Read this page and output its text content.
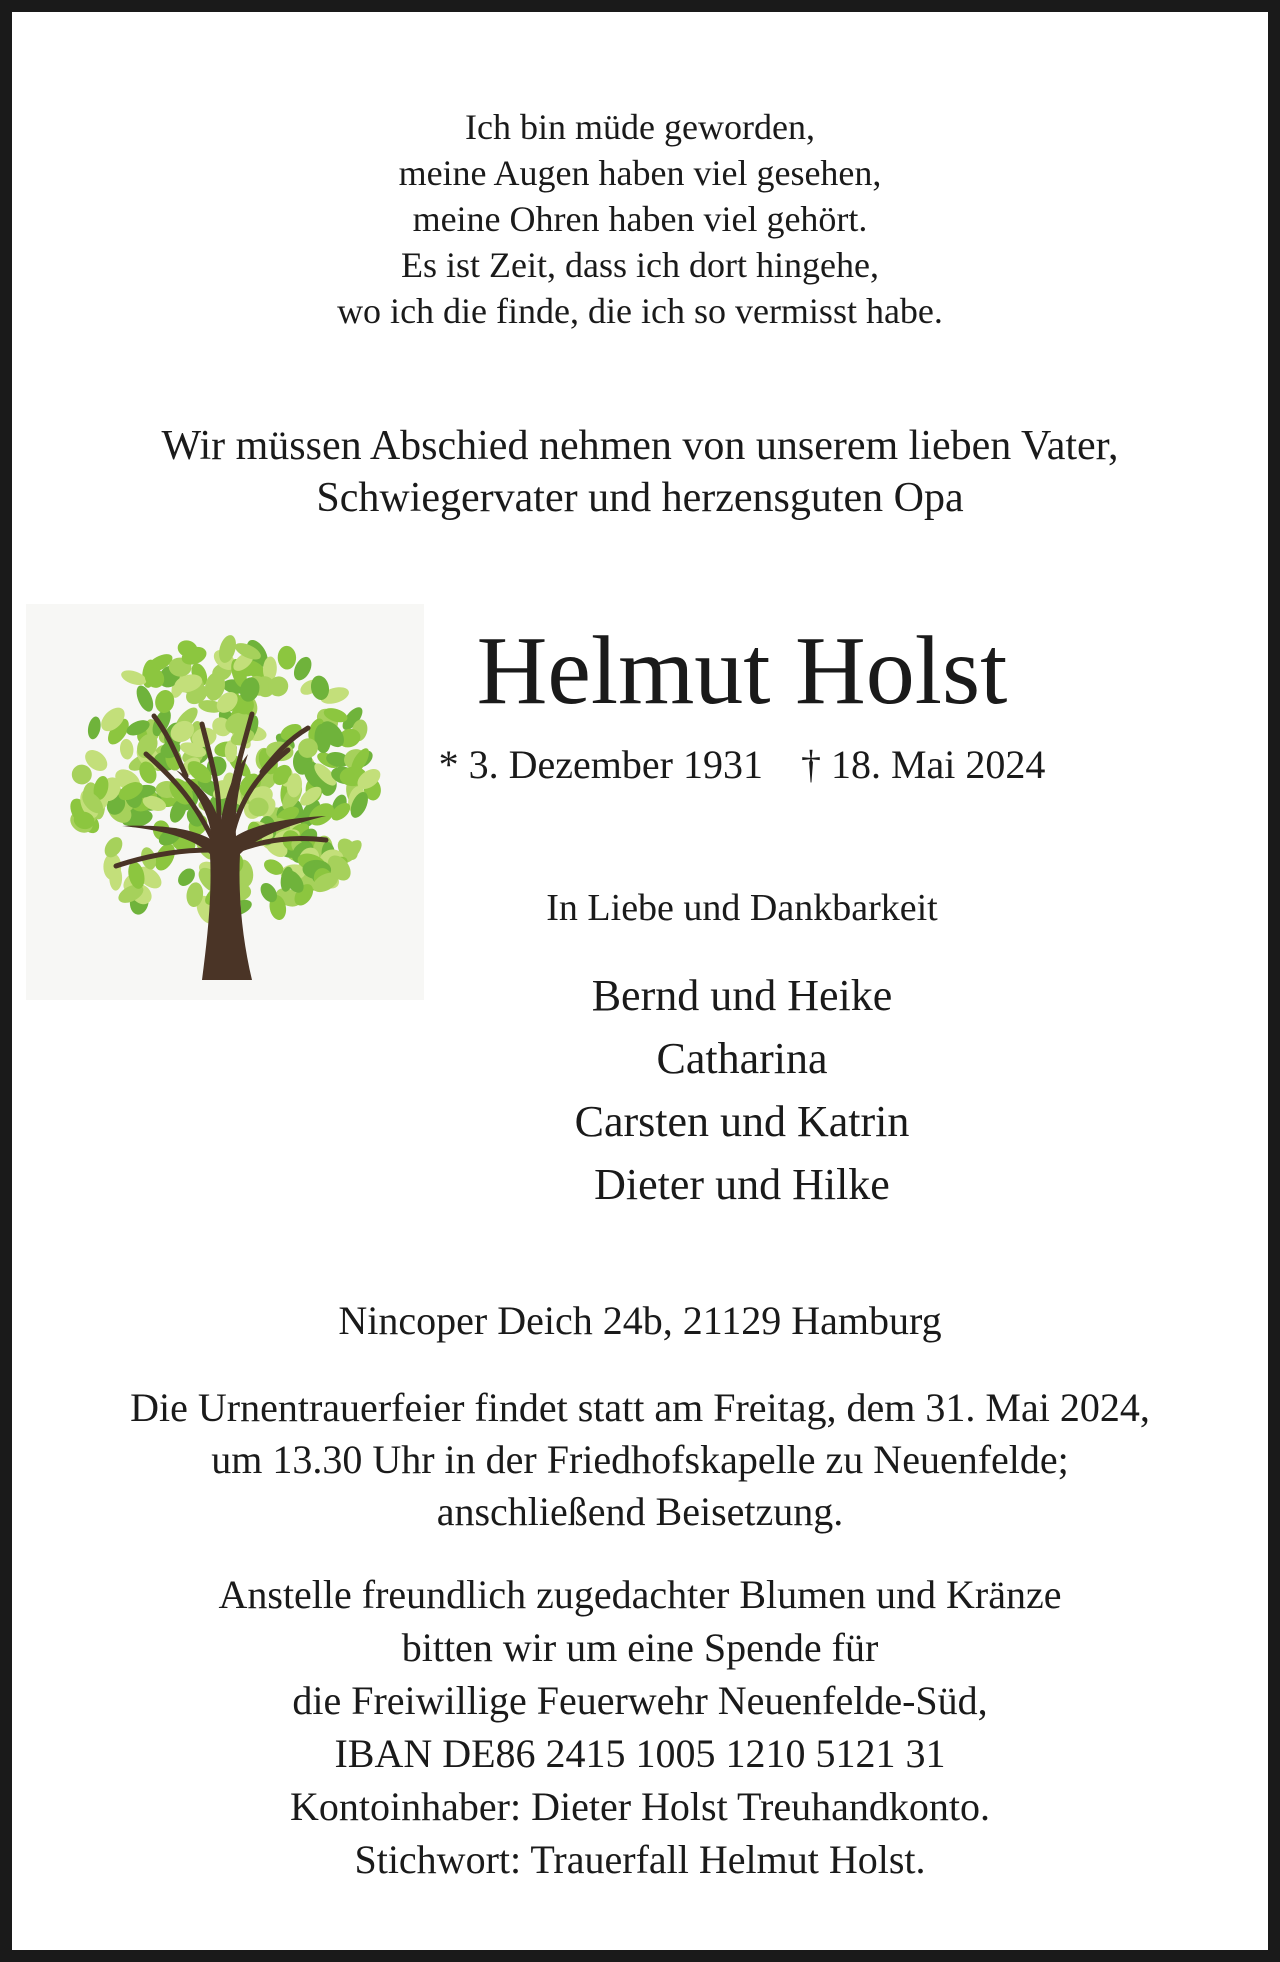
Ich bin müde geworden,
meine Augen haben viel gesehen,
meine Ohren haben viel gehört.
Es ist Zeit, dass ich dort hingehe,
wo ich die finde, die ich so vermisst habe.
Wir müssen Abschied nehmen von unserem lieben Vater,
Schwiegervater und herzensguten Opa
Helmut Holst
* 3. Dezember 1931 † 18. Mai 2024
In Liebe und Dankbarkeit
Bernd und Heike
Catharina
Carsten und Katrin
Dieter und Hilke
Nincoper Deich 24b, 21129 Hamburg
Die Urnentrauerfeier findet statt am Freitag, dem 31. Mai 2024,
um 13.30 Uhr in der Friedhofskapelle zu Neuenfelde;
anschließend Beisetzung.
Anstelle freundlich zugedachter Blumen und Kränze
bitten wir um eine Spende für
die Freiwillige Feuerwehr Neuenfelde-Süd,
IBAN DE86 2415 1005 1210 5121 31
Kontoinhaber: Dieter Holst Treuhandkonto.
Stichwort: Trauerfall Helmut Holst.
